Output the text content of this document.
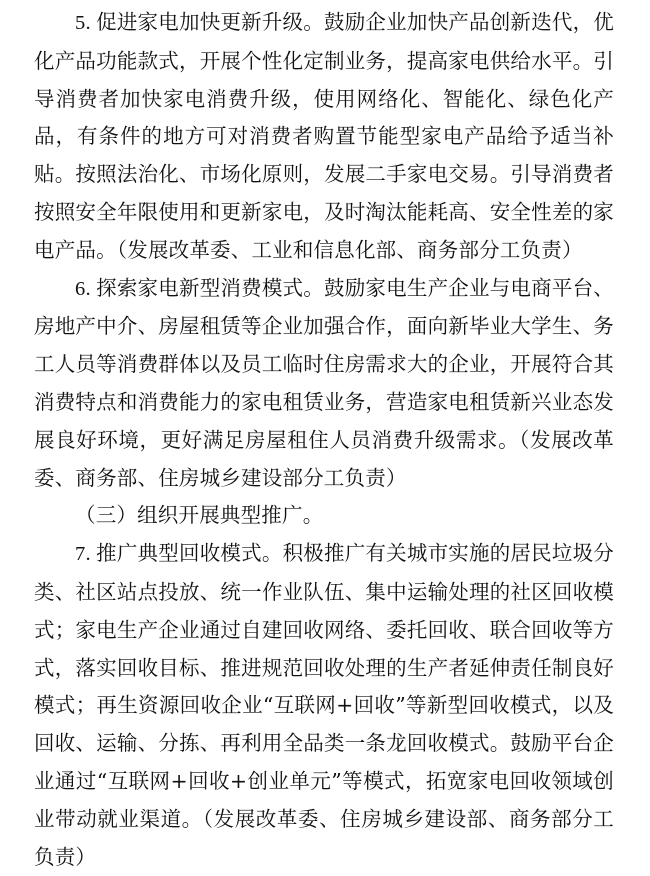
5. 促进家电加快更新升级。鼓励企业加快产品创新迭代，优化产品功能款式，开展个性化定制业务，提高家电供给水平。引导消费者加快家电消费升级，使用网络化、智能化、绿色化产品，有条件的地方可对消费者购置节能型家电产品给予适当补贴。按照法治化、市场化原则，发展二手家电交易。引导消费者按照安全年限使用和更新家电，及时淘汰能耗高、安全性差的家电产品。（发展改革委、工业和信息化部、商务部分工负责）

6. 探索家电新型消费模式。鼓励家电生产企业与电商平台、房地产中介、房屋租赁等企业加强合作，面向新毕业大学生、务工人员等消费群体以及员工临时住房需求大的企业，开展符合其消费特点和消费能力的家电租赁业务，营造家电租赁新兴业态发展良好环境，更好满足房屋租住人员消费升级需求。（发展改革委、商务部、住房城乡建设部分工负责）

（三）组织开展典型推广。

7. 推广典型回收模式。积极推广有关城市实施的居民垃圾分类、社区站点投放、统一作业队伍、集中运输处理的社区回收模式；家电生产企业通过自建回收网络、委托回收、联合回收等方式，落实回收目标、推进规范回收处理的生产者延伸责任制良好模式；再生资源回收企业“互联网+回收”等新型回收模式，以及回收、运输、分拣、再利用全品类一条龙回收模式。鼓励平台企业通过“互联网+回收+创业单元”等模式，拓宽家电回收领域创业带动就业渠道。（发展改革委、住房城乡建设部、商务部分工负责）
